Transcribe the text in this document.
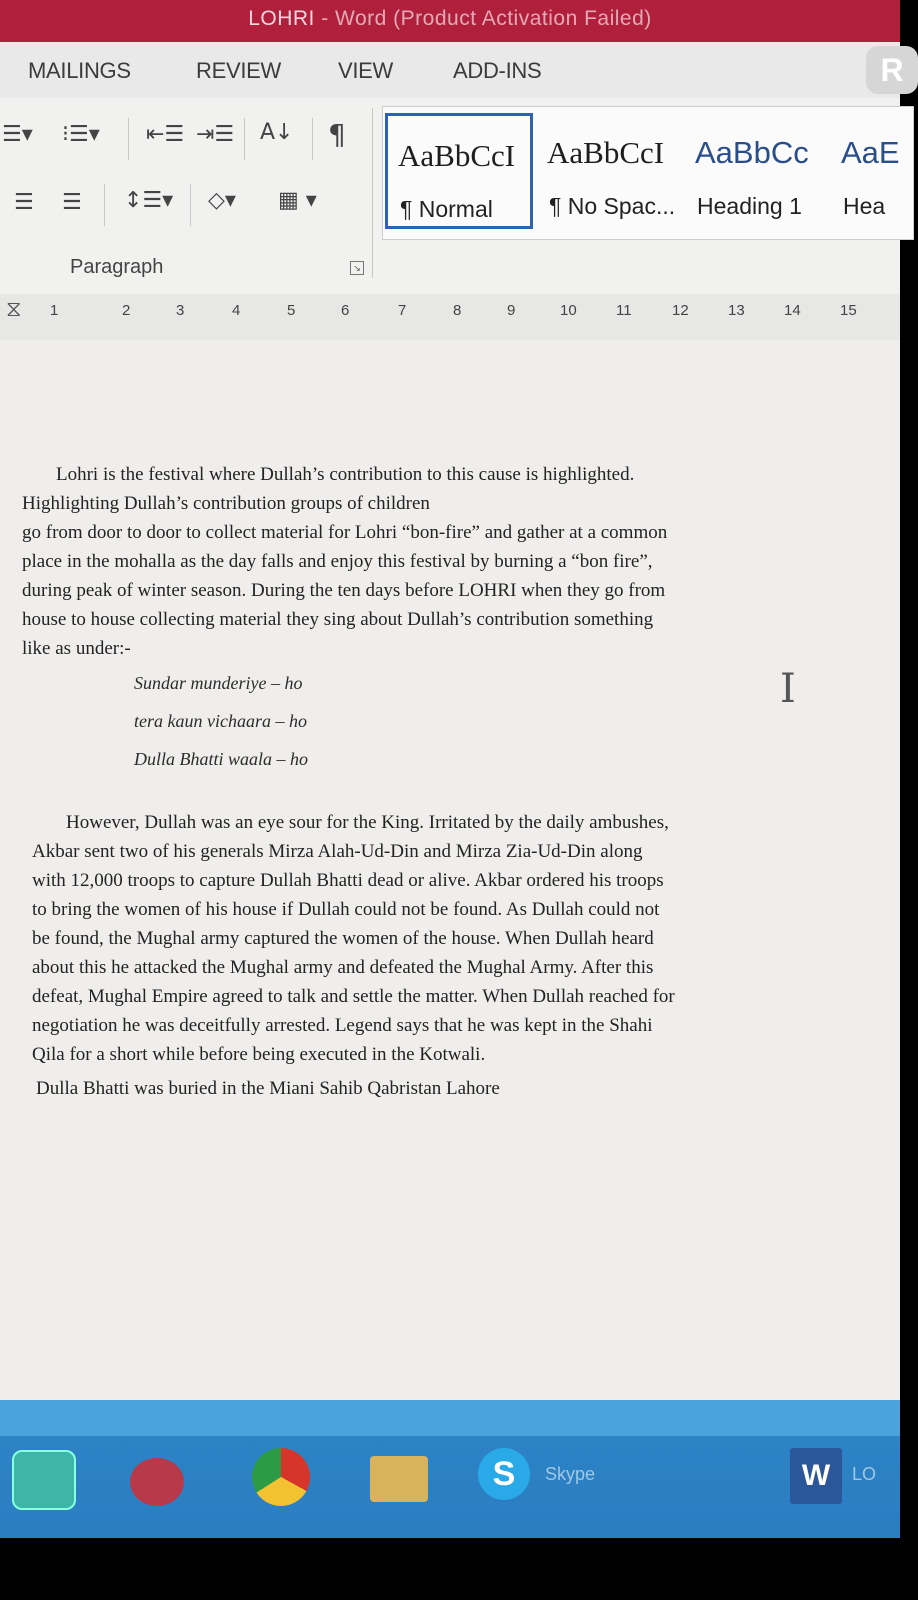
LOHRI - Word (Product Activation Failed)
MAILINGS	REVIEW	VIEW	ADD-INS	R
☰▾ ⁝☰▾ ⇤☰ ⇥☰ A↓ ¶
☰ ☰ ↕☰▾ ◇▾ ▦ ▾
Paragraph	↘
AaBbCcI
¶ Normal
AaBbCcI
¶ No Spac...
AaBbCc
Heading 1
AaE
Hea
⧖ 1	2	3	4	5	6	7	8	9	10	11	12	13	14	15
Lohri is the festival where Dullah’s contribution to this cause is highlighted.
Highlighting Dullah’s contribution groups of children
go from door to door to collect material for Lohri “bon-fire” and gather at a common
place in the mohalla as the day falls and enjoy this festival by burning a “bon fire”,
during peak of winter season. During the ten days before LOHRI when they go from
house to house collecting material they sing about Dullah’s contribution something
like as under:-
Sundar munderiye – ho
tera kaun vichaara – ho
Dulla Bhatti waala – ho
I
However, Dullah was an eye sour for the King. Irritated by the daily ambushes,
Akbar sent two of his generals Mirza Alah-Ud-Din and Mirza Zia-Ud-Din along
with 12,000 troops to capture Dullah Bhatti dead or alive. Akbar ordered his troops
to bring the women of his house if Dullah could not be found. As Dullah could not
be found, the Mughal army captured the women of the house. When Dullah heard
about this he attacked the Mughal army and defeated the Mughal Army. After this
defeat, Mughal Empire agreed to talk and settle the matter. When Dullah reached for
negotiation he was deceitfully arrested. Legend says that he was kept in the Shahi
Qila for a short while before being executed in the Kotwali.
Dulla Bhatti was buried in the Miani Sahib Qabristan Lahore
S	Skype	W	LO
